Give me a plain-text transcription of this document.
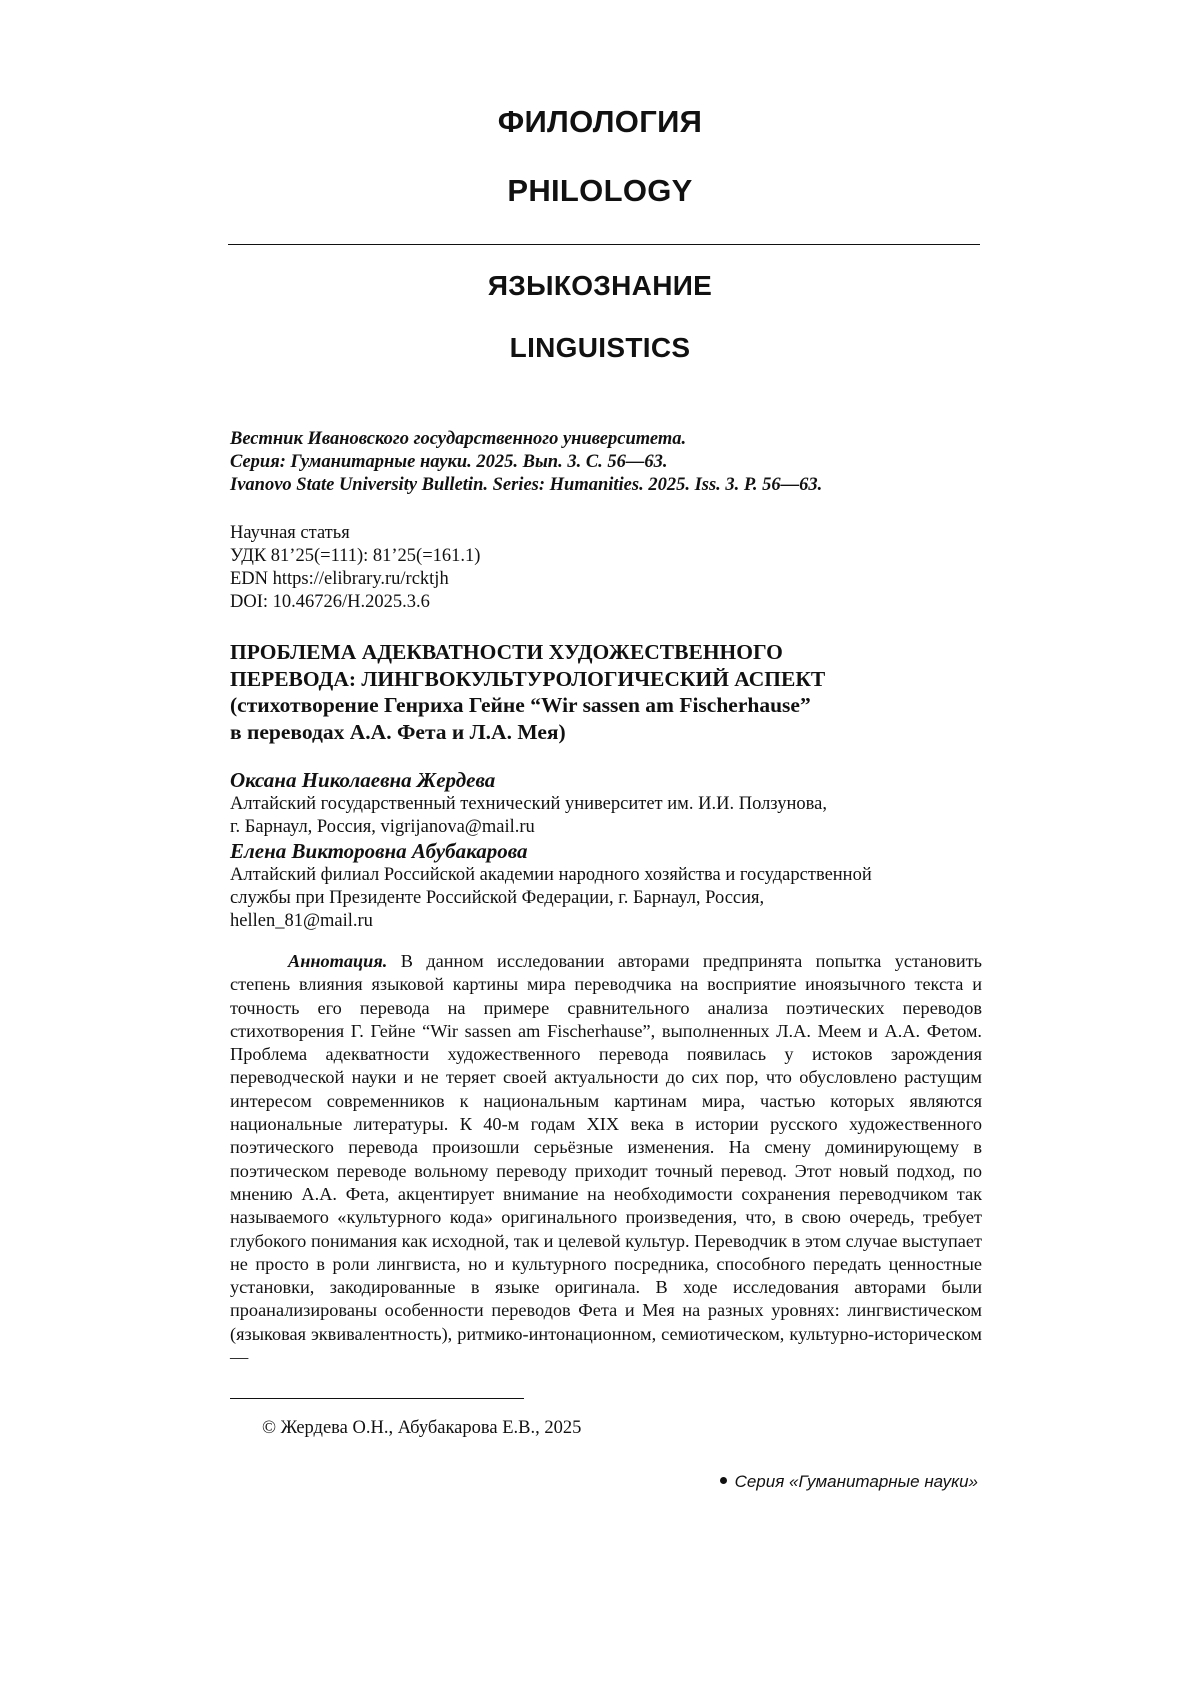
ФИЛОЛОГИЯ
PHILOLOGY
ЯЗЫКОЗНАНИЕ
LINGUISTICS
Вестник Ивановского государственного университета.
Серия: Гуманитарные науки. 2025. Вып. 3. С. 56—63.
Ivanovo State University Bulletin. Series: Humanities. 2025. Iss. 3. P. 56—63.
Научная статья
УДК 81’25(=111): 81’25(=161.1)
EDN https://elibrary.ru/rcktjh
DOI: 10.46726/H.2025.3.6
ПРОБЛЕМА АДЕКВАТНОСТИ ХУДОЖЕСТВЕННОГО
ПЕРЕВОДА: ЛИНГВОКУЛЬТУРОЛОГИЧЕСКИЙ АСПЕКТ
(стихотворение Генриха Гейне “Wir sassen am Fischerhause”
в переводах А.А. Фета и Л.А. Мея)
Оксана Николаевна Жердева
Алтайский государственный технический университет им. И.И. Ползунова,
г. Барнаул, Россия, vigrijanova@mail.ru
Елена Викторовна Абубакарова
Алтайский филиал Российской академии народного хозяйства и государственной
службы при Президенте Российской Федерации, г. Барнаул, Россия,
hellen_81@mail.ru

Аннотация. В данном исследовании авторами предпринята попытка установить степень влияния языковой картины мира переводчика на восприятие иноязычного текста и точность его перевода на примере сравнительного анализа поэтических переводов стихотворения Г. Гейне “Wir sassen am Fischerhause”, выполненных Л.А. Меем и А.А. Фетом. Проблема адекватности художественного перевода появилась у истоков зарождения переводческой науки и не теряет своей актуальности до сих пор, что обусловлено растущим интересом современников к национальным картинам мира, частью которых являются национальные литературы. К 40-м годам XIX века в истории русского художественного поэтического перевода произошли серьёзные изменения. На смену доминирующему в поэтическом переводе вольному переводу приходит точный перевод. Этот новый подход, по мнению А.А. Фета, акцентирует внимание на необходимости сохранения переводчиком так называемого «культурного кода» оригинального произведения, что, в свою очередь, требует глубокого понимания как исходной, так и целевой культур. Переводчик в этом случае выступает не просто в роли лингвиста, но и культурного посредника, способного передать ценностные установки, закодированные в языке оригинала. В ходе исследования авторами были проанализированы особенности переводов Фета и Мея на разных уровнях: лингвистическом (языковая эквивалентность), ритмико-интонационном, семиотическом, культурно-историческом —

© Жердева О.Н., Абубакарова Е.В., 2025
Серия «Гуманитарные науки»
